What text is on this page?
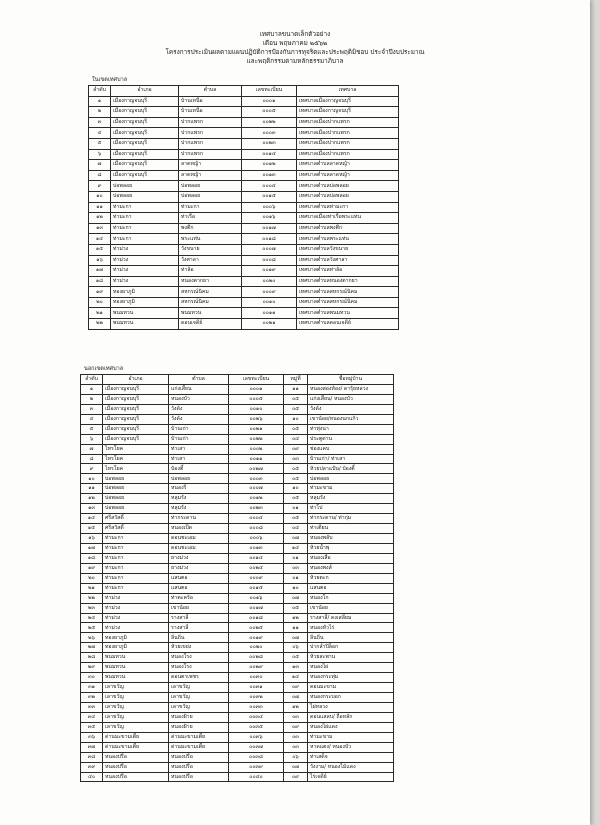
เทศบาลขนาดเล็กตัวอย่าง
เดือน พฤษภาคม ๒๕๖๒
โครงการประเมินผลตามแผนปฏิบัติการป้องกันการทุจริตและประพฤติมิชอบ ประจำปีงบประมาณ
และพฤติกรรมตามหลักธรรมาภิบาล
ในเขตเทศบาล
ลำดับ	อำเภอ	ตำบล	เลขทะเบียน	เทศบาล
๑	เมืองกาญจนบุรี	บ้านเหนือ	๐๐๐๑	เทศบาลเมืองกาญจนบุรี
๒	เมืองกาญจนบุรี	บ้านเหนือ	๐๐๐๕	เทศบาลเมืองกาญจนบุรี
๓	เมืองกาญจนบุรี	ปากแพรก	๐๐๒๒	เทศบาลเมืองปากแพรก
๔	เมืองกาญจนบุรี	ปากแพรก	๐๐๐๓	เทศบาลเมืองปากแพรก
๕	เมืองกาญจนบุรี	ปากแพรก	๐๐๒๓	เทศบาลเมืองปากแพรก
๖	เมืองกาญจนบุรี	ปากแพรก	๐๐๑๔	เทศบาลเมืองปากแพรก
๗	เมืองกาญจนบุรี	ลาดหญ้า	๐๐๑๒	เทศบาลตำบลลาดหญ้า
๘	เมืองกาญจนบุรี	ลาดหญ้า	๐๐๑๓	เทศบาลตำบลลาดหญ้า
๙	บ่อพลอย	บ่อพลอย	๐๐๐๔	เทศบาลตำบลบ่อพลอย
๑๐	บ่อพลอย	บ่อพลอย	๐๐๑๕	เทศบาลตำบลบ่อพลอย
๑๑	ท่ามะกา	ท่ามะกา	๐๐๐๖	เทศบาลตำบลท่ามะกา
๑๒	ท่ามะกา	ท่าเรือ	๐๐๑๖	เทศบาลเมืองท่าเรือพระแท่น
๑๓	ท่ามะกา	พงตึก	๐๐๑๗	เทศบาลตำบลพงตึก
๑๔	ท่ามะกา	พระแท่น	๐๐๑๘	เทศบาลตำบลพระแท่น
๑๕	ท่าม่วง	วังขนาย	๐๐๐๗	เทศบาลตำบลวังขนาย
๑๖	ท่าม่วง	วังศาลา	๐๐๐๘	เทศบาลตำบลวังศาลา
๑๗	ท่าม่วง	ท่าล้อ	๐๐๑๙	เทศบาลตำบลท่าล้อ
๑๘	ท่าม่วง	หนองตากยา	๐๐๒๐	เทศบาลตำบลหนองตากยา
๑๙	ทองผาภูมิ	สหกรณ์นิคม	๐๐๐๙	เทศบาลตำบลสหกรณ์นิคม
๒๐	ทองผาภูมิ	สหกรณ์นิคม	๐๐๑๐	เทศบาลตำบลสหกรณ์นิคม
๒๑	พนมทวน	พนมทวน	๐๐๑๑	เทศบาลตำบลพนมทวน
๒๒	พนมทวน	ดอนเจดีย์	๐๐๒๑	เทศบาลตำบลดอนเจดีย์
นอกเขตเทศบาล
ลำดับ	อำเภอ	ตำบล	เลขทะเบียน	หมู่ที่	ชื่อหมู่บ้าน
๑	เมืองกาญจนบุรี	แก่งเสี้ยน	๐๐๐๑	๑๑	หนองสองห้อง/ ดารุ้ยหลวง
๒	เมืองกาญจนบุรี	หนองบัว	๐๐๐๕	๐๕	แก่งเสี้ยน/ หนองบัว
๓	เมืองกาญจนบุรี	วังด้ง	๐๐๑๐	๐๕	วังด้ง
๔	เมืองกาญจนบุรี	วังด้ง	๐๐๒๖	๑๐	เขาน้อย/หนองนกแก้ว
๕	เมืองกาญจนบุรี	บ้านเก่า	๐๐๒๑	๐๕	ท่าทุ่งนา
๖	เมืองกาญจนบุรี	บ้านเก่า	๐๐๒๒	๐๔	ประตูด่าน
๗	ไทรโยค	ท่าเสา	๐๐๐๒	๐๙	ช่องแคบ
๘	ไทรโยค	ท่าเสา	๐๐๑๑	๐๓	บ้านเก่า/ ท่าเสา
๙	ไทรโยค	บ้องตี้	๐๐๒๗	๐๕	ห้วยปลาแป้น/ บ้องตี้
๑๐	บ่อพลอย	บ่อพลอย	๐๐๐๓	๐๕	บ่อพลอย
๑๑	บ่อพลอย	หนองรี	๐๐๐๗	๑๐	ท่ามะขาม
๑๒	บ่อพลอย	หลุมรัง	๐๐๑๒	๐๕	หลุมรัง
๑๓	บ่อพลอย	หลุมรัง	๐๐๒๓	๐๑	ท่าโป
๑๔	ศรีสวัสดิ์	ท่ากระดาน	๐๐๐๔	๐๕	ท่ากระดาน/ ท่ากุ่ม
๑๕	ศรีสวัสดิ์	หนองเป็ด	๐๐๐๘	๐๔	ท่าเตียน
๑๖	ท่ามะกา	ดอนชะเอม	๐๐๐๖	๐๗	หนองพลับ
๑๗	ท่ามะกา	ดอนชะเอม	๐๐๑๓	๑๔	ห้วยน้ำพุ
๑๘	ท่ามะกา	ยางม่วง	๐๐๑๔	๐๑	หนองเสือ
๑๙	ท่ามะกา	ยางม่วง	๐๐๒๔	๐๓	หนองพงส์
๒๐	ท่ามะกา	แสนตอ	๐๐๐๙	๐๑	ห้วยตะก
๒๑	ท่ามะกา	แสนตอ	๐๐๑๕	๑๐	แสนตอ
๒๒	ท่าม่วง	ท่าตะคร้อ	๐๐๑๖	๐๗	หนองโก
๒๓	ท่าม่วง	เขาน้อย	๐๐๑๗	๐๕	เขาน้อย
๒๔	ท่าม่วง	รางสาลี่	๐๐๑๘	๑๒	รางสาลี่/ ดงเสลี่ยม
๒๕	ท่าม่วง	รางสาลี่	๐๐๒๕	๑๑	หนองหัวไร่
๒๖	ทองผาภูมิ	ลิ่นถิ่น	๐๐๑๙	๐๗	ลิ่นถิ่น
๒๗	ทองผาภูมิ	ห้วยเขย่ง	๐๐๒๐	๐๖	ปากลำปิล็อก
๒๘	พนมทวน	หนองโรง	๐๐๒๘	๐๕	ห้วยสะพาน
๒๙	พนมทวน	หนองโรง	๐๐๒๙	๑๓	หนองไผ่
๓๐	พนมทวน	ดอนตาเพชร	๐๐๓๐	๑๔	หนองกระทุ่ม
๓๑	เลาขวัญ	เลาขวัญ	๐๐๓๑	๐๙	ดอนมะขาม
๓๒	เลาขวัญ	เลาขวัญ	๐๐๓๒	๐๗	หนองกระบอก
๓๓	เลาขวัญ	เลาขวัญ	๐๐๓๓	๑๒	ไผ่หลวง
๓๔	เลาขวัญ	หนองฝ้าย	๐๐๓๔	๐๓	ดอนแสลบ/ ถือหลัก
๓๕	เลาขวัญ	หนองฝ้าย	๐๐๓๕	๐๙	หนองไผ่แดง
๓๖	ด่านมะขามเตี้ย	ด่านมะขามเตี้ย	๐๐๓๖	๐๓	ท่ามะขาม
๓๗	ด่านมะขามเตี้ย	ด่านมะขามเตี้ย	๐๐๓๗	๐๓	หาดแตง/ หนองบัว
๓๘	หนองปรือ	หนองปรือ	๐๐๓๘	๐๖	ท่าเสด็จ
๓๙	หนองปรือ	หนองปรือ	๐๐๓๙	๐๗	วังงาม/ หนองไม้แดง
๔๐	หนองปรือ	หนองปรือ	๐๐๔๐	๐๙	ไร่เจดีย์
